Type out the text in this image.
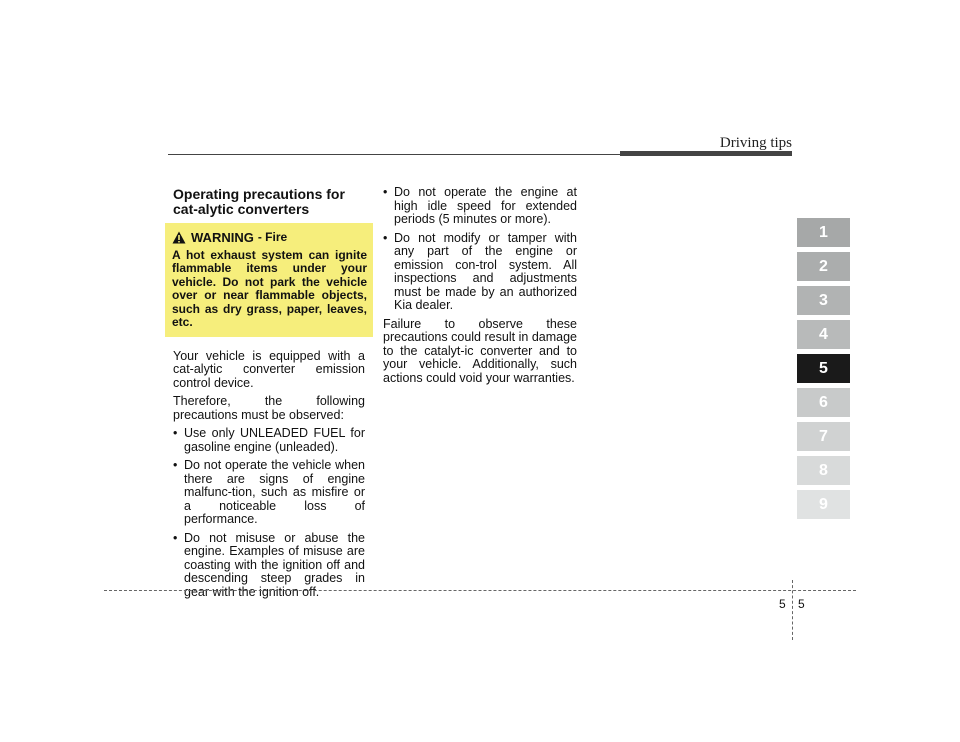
Driving tips
Operating precautions for cat-alytic converters
WARNING - Fire
A hot exhaust system can ignite flammable items under your vehicle. Do not park the vehicle over or near flammable objects, such as dry grass, paper, leaves, etc.

Your vehicle is equipped with a cat-alytic converter emission control device.

Therefore, the following precautions must be observed:

• Use only UNLEADED FUEL for gasoline engine (unleaded).
• Do not operate the vehicle when there are signs of engine malfunc-tion, such as misfire or a noticeable loss of performance.
• Do not misuse or abuse the engine. Examples of misuse are coasting with the ignition off and descending steep grades in gear with the ignition off.
• Do not operate the engine at high idle speed for extended periods (5 minutes or more).
• Do not modify or tamper with any part of the engine or emission con-trol system. All inspections and adjustments must be made by an authorized Kia dealer.

Failure to observe these precautions could result in damage to the catalyt-ic converter and to your vehicle. Additionally, such actions could void your warranties.

1
2
3
4
5
6
7
8
9
5 5
